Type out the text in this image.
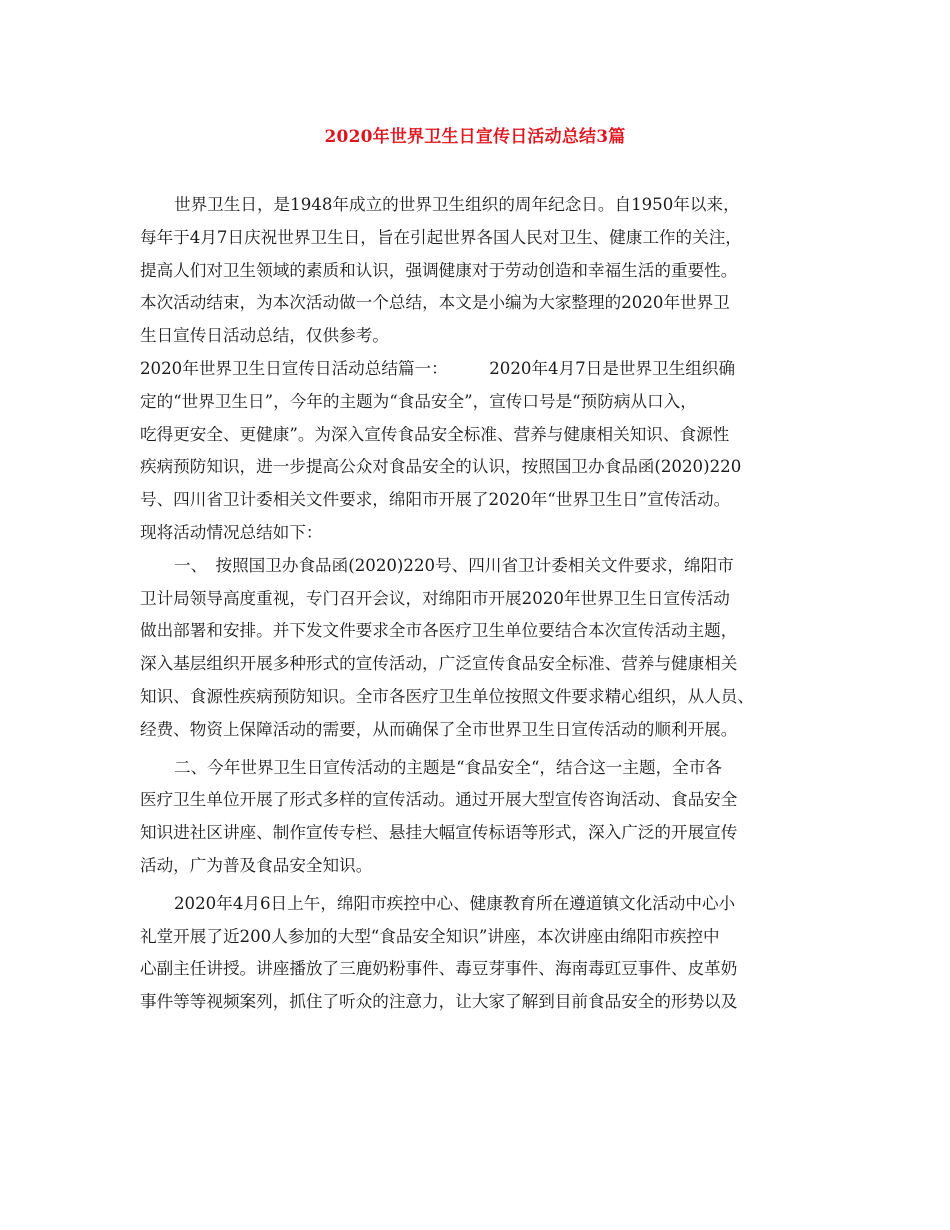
2020年世界卫生日宣传日活动总结3篇
世界卫生日，是1948年成立的世界卫生组织的周年纪念日。自1950年以来，
每年于4月7日庆祝世界卫生日，旨在引起世界各国人民对卫生、健康工作的关注，
提高人们对卫生领域的素质和认识，强调健康对于劳动创造和幸福生活的重要性。
本次活动结束，为本次活动做一个总结，本文是小编为大家整理的2020年世界卫
生日宣传日活动总结，仅供参考。
2020年世界卫生日宣传日活动总结篇一：　　　2020年4月7日是世界卫生组织确
定的“世界卫生日”，今年的主题为“食品安全”，宣传口号是“预防病从口入，
吃得更安全、更健康”。为深入宣传食品安全标准、营养与健康相关知识、食源性
疾病预防知识，进一步提高公众对食品安全的认识，按照国卫办食品函(2020)220
号、四川省卫计委相关文件要求，绵阳市开展了2020年“世界卫生日”宣传活动。
现将活动情况总结如下：
一、　按照国卫办食品函(2020)220号、四川省卫计委相关文件要求，绵阳市
卫计局领导高度重视，专门召开会议，对绵阳市开展2020年世界卫生日宣传活动
做出部署和安排。并下发文件要求全市各医疗卫生单位要结合本次宣传活动主题，
深入基层组织开展多种形式的宣传活动，广泛宣传食品安全标准、营养与健康相关
知识、食源性疾病预防知识。全市各医疗卫生单位按照文件要求精心组织，从人员、
经费、物资上保障活动的需要，从而确保了全市世界卫生日宣传活动的顺利开展。
二、今年世界卫生日宣传活动的主题是“食品安全“，结合这一主题，全市各
医疗卫生单位开展了形式多样的宣传活动。通过开展大型宣传咨询活动、食品安全
知识进社区讲座、制作宣传专栏、悬挂大幅宣传标语等形式，深入广泛的开展宣传
活动，广为普及食品安全知识。
2020年4月6日上午，绵阳市疾控中心、健康教育所在遵道镇文化活动中心小
礼堂开展了近200人参加的大型“食品安全知识”讲座，本次讲座由绵阳市疾控中
心副主任讲授。讲座播放了三鹿奶粉事件、毒豆芽事件、海南毒豇豆事件、皮革奶
事件等等视频案列，抓住了听众的注意力，让大家了解到目前食品安全的形势以及
